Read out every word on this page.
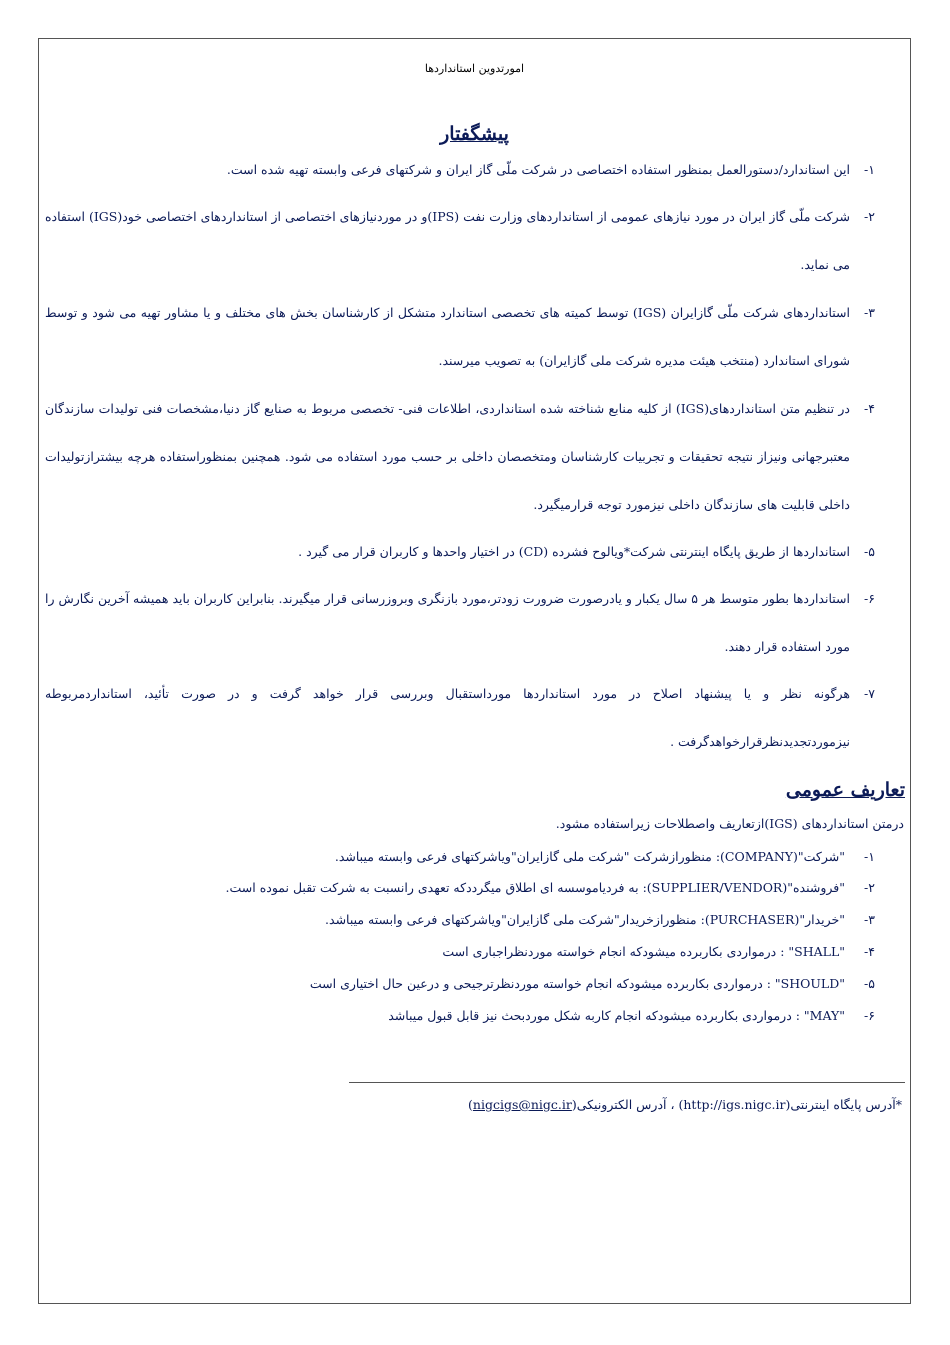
امورتدوین استانداردها
پیشگفتار
۱-
این استاندارد/دستورالعمل بمنظور استفاده اختصاصی در شرکت ملّی گاز ایران و شرکتهای فرعی وابسته تهیه شده است.
۲-
شرکت ملّی گاز ایران در مورد نیازهای عمومی از استانداردهای وزارت نفت (IPS)و در موردنیازهای اختصاصی از استانداردهای اختصاصی خود(IGS) استفاده می نماید.
۳-
استانداردهای شرکت ملّی گازایران (IGS) توسط کمیته های تخصصی استاندارد متشکل از کارشناسان بخش های مختلف و یا مشاور تهیه می شود و توسط شورای استاندارد (منتخب هیئت مدیره شرکت ملی گازایران) به تصویب میرسند.
۴-
در تنظیم متن استانداردهای(IGS) از کلیه منابع شناخته شده استانداردی، اطلاعات فنی- تخصصی مربوط به صنایع گاز دنیا،مشخصات فنی تولیدات سازندگان معتبرجهانی ونیزاز نتیجه تحقیقات و تجربیات کارشناسان ومتخصصان داخلی بر حسب مورد استفاده می شود. همچنین بمنظوراستفاده هرچه بیشترازتولیدات داخلی قابلیت های سازندگان داخلی نیزمورد توجه قرارمیگیرد.
۵-
استانداردها از طریق پایگاه اینترنتی شرکت*ویالوح فشرده (CD) در اختیار واحدها و کاربران قرار می گیرد .
۶-
استانداردها بطور متوسط هر ۵ سال یکبار و یادرصورت ضرورت زودتر،مورد بازنگری وبروزرسانی قرار میگیرند. بنابراین کاربران باید همیشه آخرین نگارش را مورد استفاده قرار دهند.
۷-
هرگونه نظر و یا پیشنهاد اصلاح در مورد استانداردها مورداستقبال وبررسی قرار خواهد گرفت و در صورت تأئید، استانداردمربوطه نیزموردتجدیدنظرقرارخواهدگرفت .
تعاریف عمومی
درمتن استانداردهای (IGS)ازتعاریف واصطلاحات زیراستفاده مشود.
۱-"شرکت"(COMPANY): منظورازشرکت "شرکت ملی گازایران"وياشرکتهای فرعی وابسته میباشد.
۲-"فروشنده"(SUPPLIER/VENDOR): به فردیاموسسه ای اطلاق میگرددکه تعهدی رانسبت به شرکت تقبل نموده است.
۳-"خریدار"(PURCHASER): منظورازخریدار"شرکت ملی گازایران"وياشرکتهای فرعی وابسته میباشد.
۴-"SHALL" : درمواردی بکاربرده میشودکه انجام خواسته موردنظراجباری است
۵-"SHOULD" : درمواردی بکاربرده میشودکه انجام خواسته موردنظرترجیحی و درعین حال اختیاری است
۶-"MAY" : درمواردی بکاربرده میشودکه انجام کاربه شکل موردبحث نیز قابل قبول میباشد
*آدرس پایگاه اینترنتی(http://igs.nigc.ir) ، آدرس الکترونیکی(nigcigs@nigc.ir)
